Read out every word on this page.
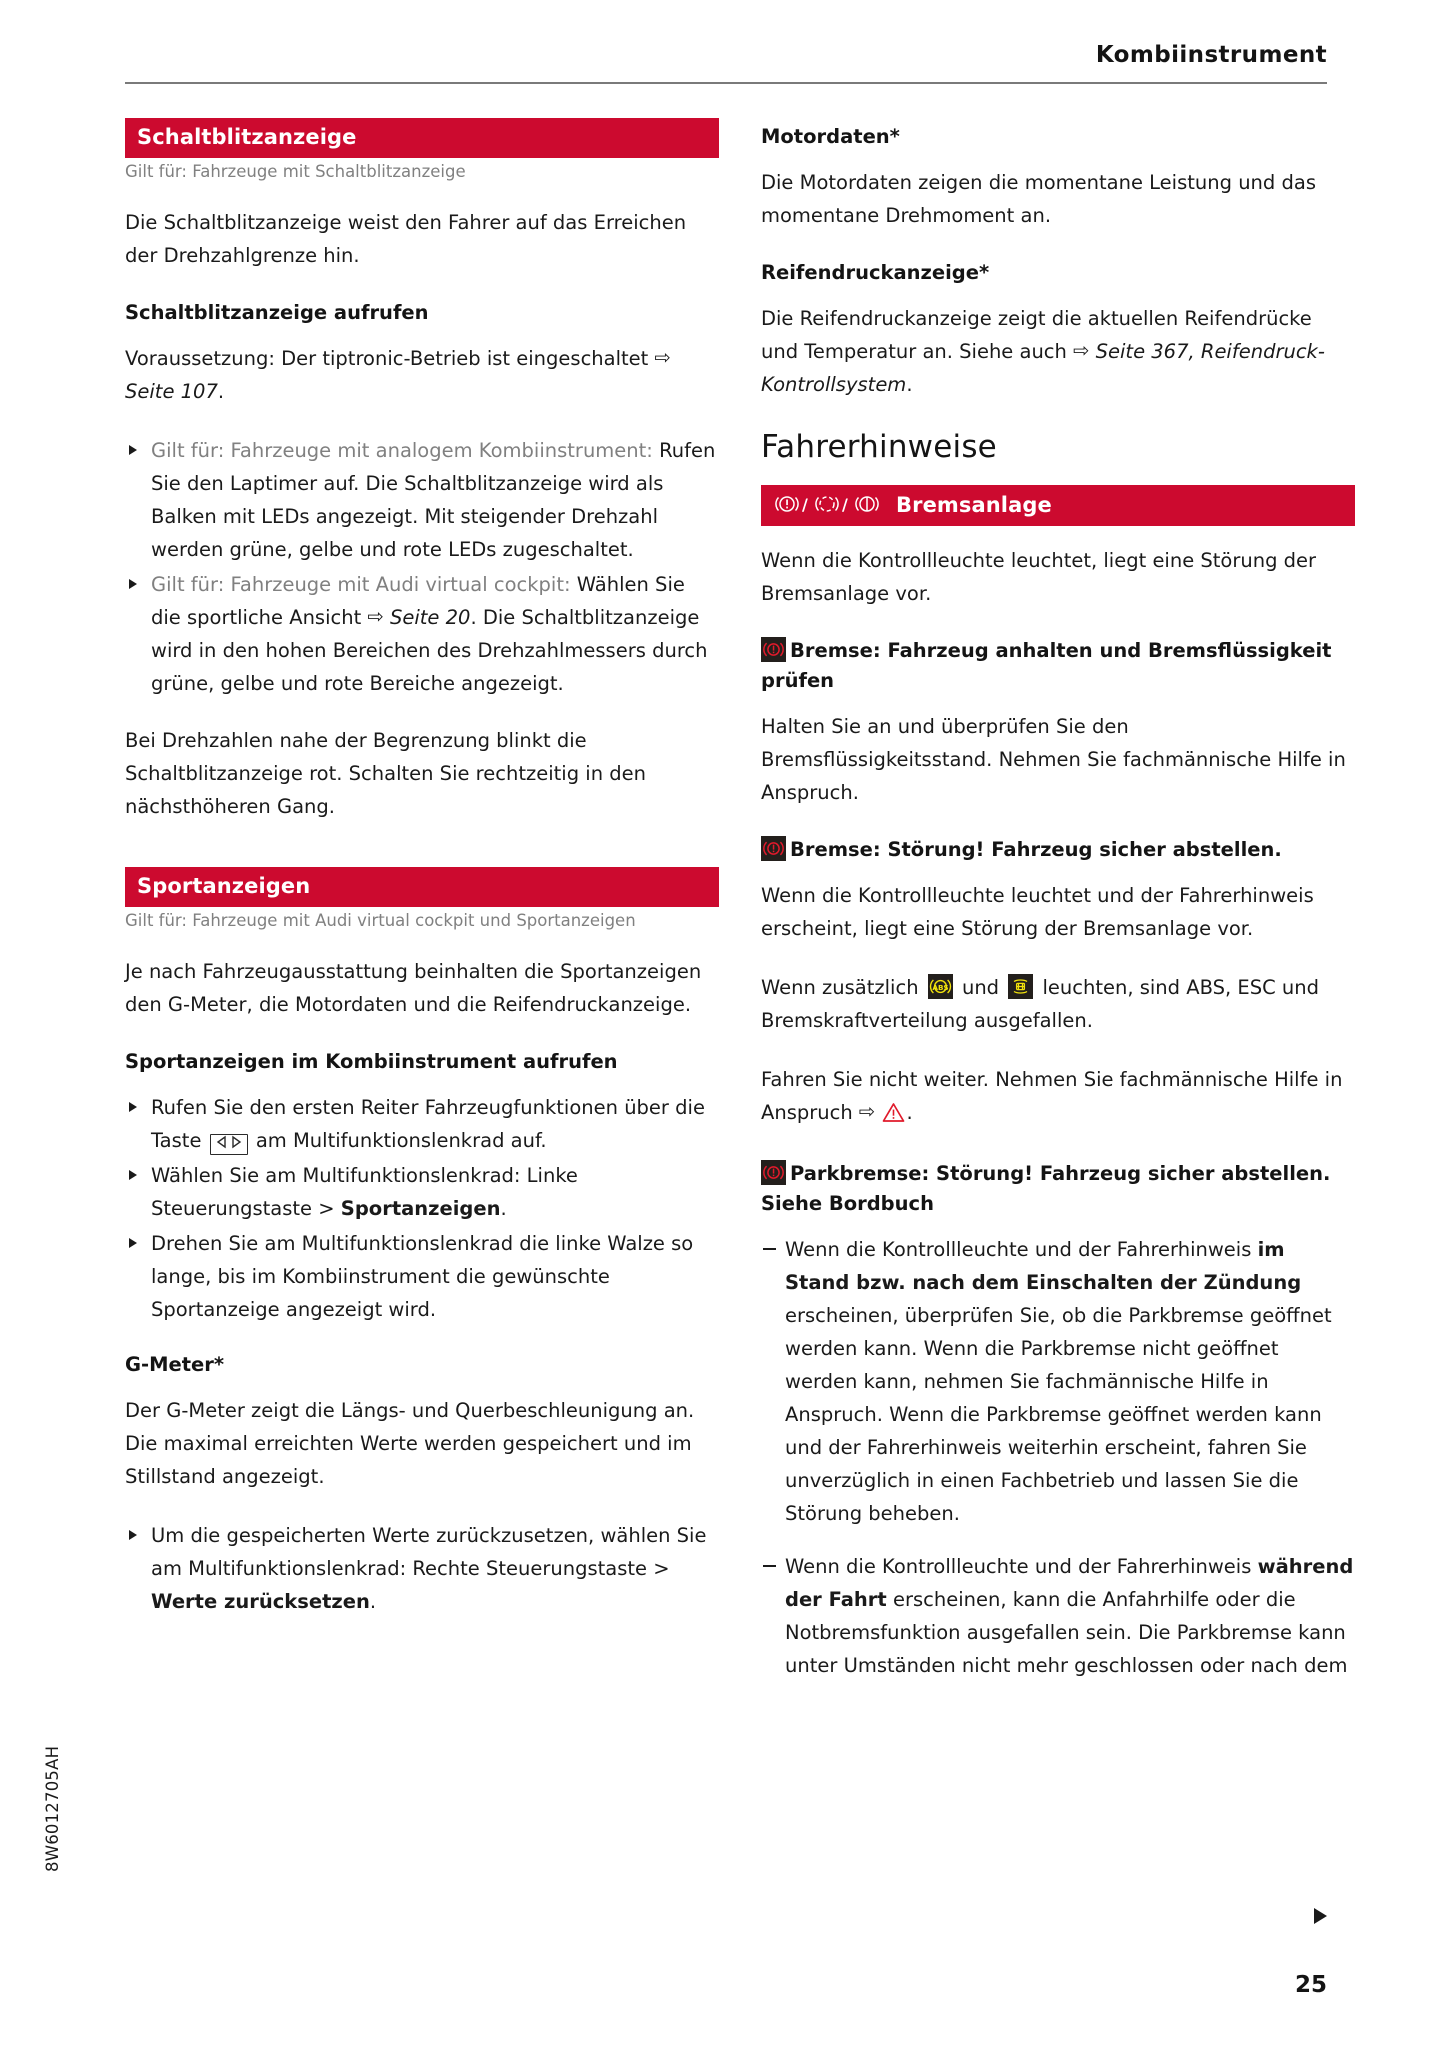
Kombiinstrument
Schaltblitzanzeige
Gilt für: Fahrzeuge mit Schaltblitzanzeige

Die Schaltblitzanzeige weist den Fahrer auf das Erreichen der Drehzahlgrenze hin.

Schaltblitzanzeige aufrufen

Voraussetzung: Der tiptronic-Betrieb ist eingeschaltet ⇨ Seite 107.

Gilt für: Fahrzeuge mit analogem Kombiinstrument: Rufen Sie den Laptimer auf. Die Schaltblitzanzeige wird als Balken mit LEDs angezeigt. Mit steigender Drehzahl werden grüne, gelbe und rote LEDs zugeschaltet.
Gilt für: Fahrzeuge mit Audi virtual cockpit: Wählen Sie die sportliche Ansicht ⇨ Seite 20. Die Schaltblitzanzeige wird in den hohen Bereichen des Drehzahlmessers durch grüne, gelbe und rote Bereiche angezeigt.

Bei Drehzahlen nahe der Begrenzung blinkt die Schaltblitzanzeige rot. Schalten Sie rechtzeitig in den nächsthöheren Gang.

Sportanzeigen
Gilt für: Fahrzeuge mit Audi virtual cockpit und Sportanzeigen

Je nach Fahrzeugausstattung beinhalten die Sportanzeigen den G-Meter, die Motordaten und die Reifendruckanzeige.

Sportanzeigen im Kombiinstrument aufrufen
Rufen Sie den ersten Reiter Fahrzeugfunktionen über die Taste  am Multifunktionslenkrad auf.
Wählen Sie am Multifunktionslenkrad: Linke Steuerungstaste > Sportanzeigen.
Drehen Sie am Multifunktionslenkrad die linke Walze so lange, bis im Kombiinstrument die gewünschte Sportanzeige angezeigt wird.
G-Meter*

Der G-Meter zeigt die Längs- und Querbeschleunigung an. Die maximal erreichten Werte werden gespeichert und im Stillstand angezeigt.

Um die gespeicherten Werte zurückzusetzen, wählen Sie am Multifunktionslenkrad: Rechte Steuerungstaste > Werte zurücksetzen.
Motordaten*

Die Motordaten zeigen die momentane Leistung und das momentane Drehmoment an.

Reifendruckanzeige*

Die Reifendruckanzeige zeigt die aktuellen Reifendrücke und Temperatur an. Siehe auch ⇨ Seite 367, Reifendruck-Kontrollsystem.

Fahrerhinweise
/ / Bremsanlage

Wenn die Kontrollleuchte leuchtet, liegt eine Störung der Bremsanlage vor.

Bremse: Fahrzeug anhalten und Bremsflüssigkeit prüfen

Halten Sie an und überprüfen Sie den Bremsflüssigkeitsstand. Nehmen Sie fachmännische Hilfe in Anspruch.

Bremse: Störung! Fahrzeug sicher abstellen.

Wenn die Kontrollleuchte leuchtet und der Fahrerhinweis erscheint, liegt eine Störung der Bremsanlage vor.

Wenn zusätzlich ABS und
leuchten, sind ABS, ESC und Bremskraftverteilung ausgefallen.

Fahren Sie nicht weiter. Nehmen Sie fachmännische Hilfe in Anspruch ⇨ .

Parkbremse: Störung! Fahrzeug sicher abstellen. Siehe Bordbuch
Wenn die Kontrollleuchte und der Fahrerhinweis im Stand bzw. nach dem Einschalten der Zündung erscheinen, überprüfen Sie, ob die Parkbremse geöffnet werden kann. Wenn die Parkbremse nicht geöffnet werden kann, nehmen Sie fachmännische Hilfe in Anspruch. Wenn die Parkbremse geöffnet werden kann und der Fahrerhinweis weiterhin erscheint, fahren Sie unverzüglich in einen Fachbetrieb und lassen Sie die Störung beheben.
Wenn die Kontrollleuchte und der Fahrerhinweis während der Fahrt erscheinen, kann die Anfahrhilfe oder die Notbremsfunktion ausgefallen sein. Die Parkbremse kann unter Umständen nicht mehr geschlossen oder nach dem
8W6012705AH
25
